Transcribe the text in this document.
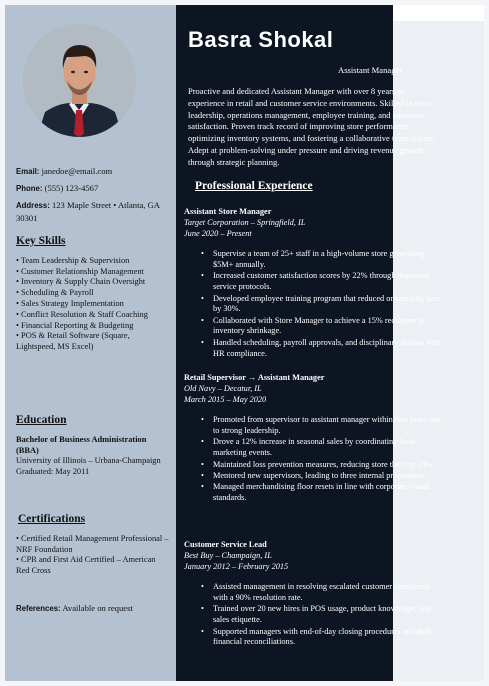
Email: janedoe@email.com

Phone: (555) 123-4567

Address: 123 Maple Street • Atlanta, GA 30301

Key Skills
• Team Leadership & Supervision
• Customer Relationship Management
• Inventory & Supply Chain Oversight
• Scheduling & Payroll
• Sales Strategy Implementation
• Conflict Resolution & Staff Coaching
• Financial Reporting & Budgeting
• POS & Retail Software (Square, Lightspeed, MS Excel)
Education
Bachelor of Business Administration (BBA)
University of Illinois – Urbana-Champaign
Graduated: May 2011
Certifications
• Certified Retail Management Professional – NRF Foundation
• CPR and First Aid Certified – American Red Cross
References: Available on request
Basra Shokal
Assistant Manager
Proactive and dedicated Assistant Manager with over 8 years of experience in retail and customer service environments. Skilled in team leadership, operations management, employee training, and customer satisfaction. Proven track record of improving store performance, optimizing inventory systems, and fostering a collaborative team culture. Adept at problem-solving under pressure and driving revenue growth through strategic planning.
Professional Experience
Assistant Store Manager
Target Corporation – Springfield, IL
June 2020 – Present
• Supervise a team of 25+ staff in a high-volume store generating $5M+ annually.
• Increased customer satisfaction scores by 22% through improved service protocols.
• Developed employee training program that reduced onboarding time by 30%.
• Collaborated with Store Manager to achieve a 15% reduction in inventory shrinkage.
• Handled scheduling, payroll approvals, and disciplinary actions with HR compliance.
Retail Supervisor → Assistant Manager
Old Navy – Decatur, IL
March 2015 – May 2020
• Promoted from supervisor to assistant manager within two years due to strong leadership.
• Drove a 12% increase in seasonal sales by coordinating local marketing events.
• Maintained loss prevention measures, reducing store theft by 18%.
• Mentored new supervisors, leading to three internal promotions.
• Managed merchandising floor resets in line with corporate visual standards.
Customer Service Lead
Best Buy – Champaign, IL
January 2012 – February 2015
• Assisted management in resolving escalated customer complaints with a 90% resolution rate.
• Trained over 20 new hires in POS usage, product knowledge, and sales etiquette.
• Supported managers with end-of-day closing procedures and daily financial reconciliations.
